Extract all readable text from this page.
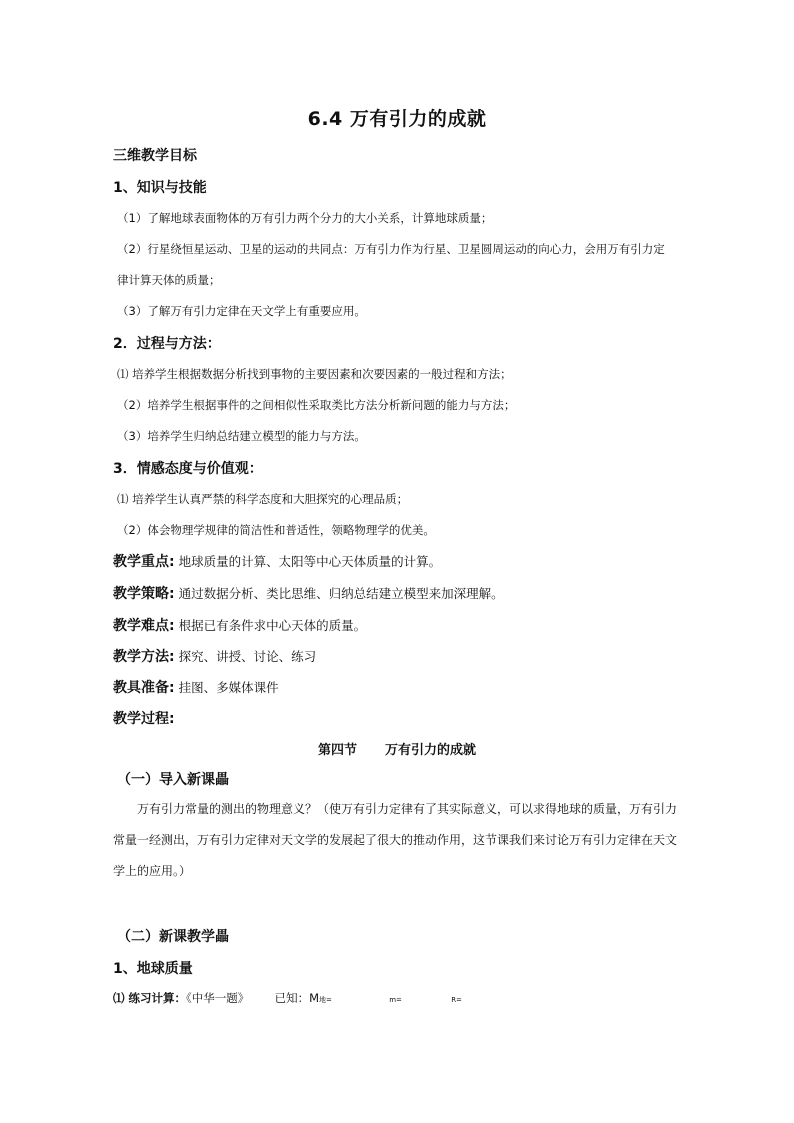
6.4 万有引力的成就
三维教学目标
1、知识与技能
（1）了解地球表面物体的万有引力两个分力的大小关系，计算地球质量；
（2）行星绕恒星运动、卫星的运动的共同点：万有引力作为行星、卫星圆周运动的向心力，会用万有引力定
律计算天体的质量；
（3）了解万有引力定律在天文学上有重要应用。
2．过程与方法：
⑴ 培养学生根据数据分析找到事物的主要因素和次要因素的一般过程和方法；
（2）培养学生根据事件的之间相似性采取类比方法分析新问题的能力与方法；
（3）培养学生归纳总结建立模型的能力与方法。
3．情感态度与价值观：
⑴ 培养学生认真严禁的科学态度和大胆探究的心理品质；
（2）体会物理学规律的简洁性和普适性，领略物理学的优美。
教学重点: 地球质量的计算、太阳等中心天体质量的计算。
教学策略: 通过数据分析、类比思维、归纳总结建立模型来加深理解。
教学难点: 根据已有条件求中心天体的质量。
教学方法: 探究、讲授、讨论、练习
教具准备: 挂图、多媒体课件
教学过程:
第四节 万有引力的成就
（一）导入新课畾
万有引力常量的测出的物理意义？（使万有引力定律有了其实际意义，可以求得地球的质量，万有引力常量一经测出，万有引力定律对天文学的发展起了很大的推动作用，这节课我们来讨论万有引力定律在天文学上的应用。）
（二）新课教学畾
1、地球质量
⑴ 练习计算：《中华一题》 已知：M地=	m=	R=
